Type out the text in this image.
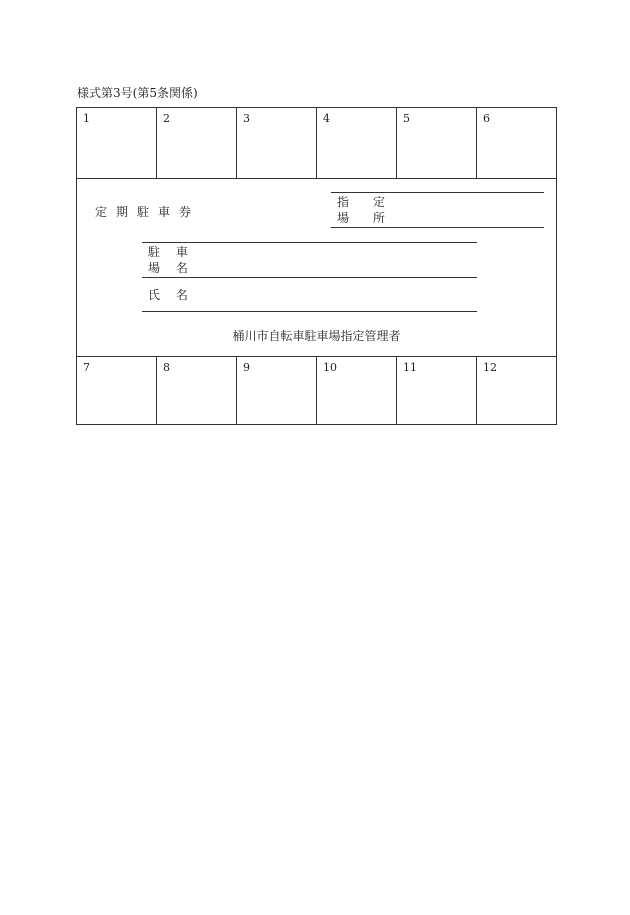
様式第3号(第5条関係)
1	2	3	4	5	6
定期駐車券
指　定
場　所
駐 車
場 名
氏 名
桶川市自転車駐車場指定管理者
7	8	9	10	11	12
